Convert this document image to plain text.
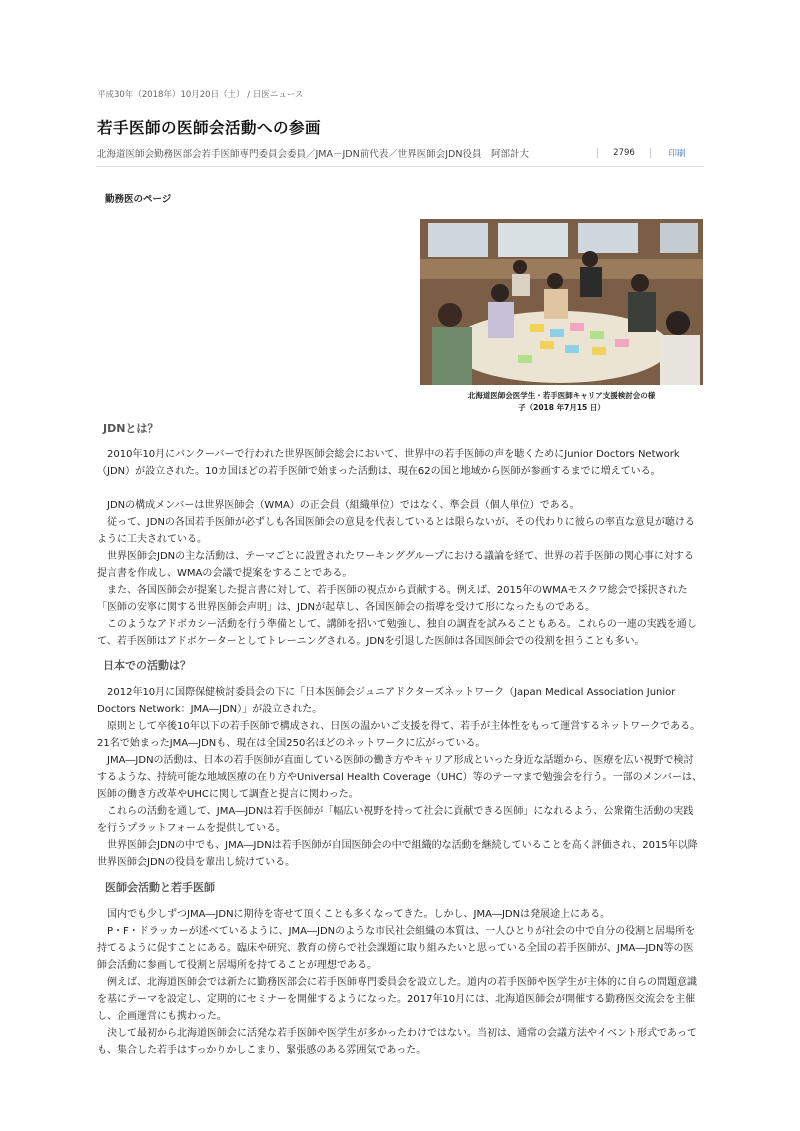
平成30年（2018年）10月20日（土） / 日医ニュース
若手医師の医師会活動への参画
北海道医師会勤務医部会若手医師専門委員会委員／JMA－JDN前代表／世界医師会JDN役員　阿部計大	2796	印刷
勤務医のページ
北海道医師会医学生・若手医師キャリア支援検討会の様
子（2018 年7月15 日）
JDNとは？

　2010年10月にバンクーバーで行われた世界医師会総会において、世界中の若手医師の声を聴くためにJunior Doctors Network（JDN）が設立された。10カ国ほどの若手医師で始まった活動は、現在62の国と地域から医師が参画するまでに増えている。

　JDNの構成メンバーは世界医師会（WMA）の正会員（組織単位）ではなく、準会員（個人単位）である。

　従って、JDNの各国若手医師が必ずしも各国医師会の意見を代表しているとは限らないが、その代わりに彼らの率直な意見が聴けるように工夫されている。

　世界医師会JDNの主な活動は、テーマごとに設置されたワーキンググループにおける議論を経て、世界の若手医師の関心事に対する提言書を作成し、WMAの会議で提案をすることである。

　また、各国医師会が提案した提言書に対して、若手医師の視点から貢献する。例えば、2015年のWMAモスクワ総会で採択された「医師の安寧に関する世界医師会声明」は、JDNが起草し、各国医師会の指導を受けて形になったものである。

　このようなアドボカシー活動を行う準備として、講師を招いて勉強し、独自の調査を試みることもある。これらの一連の実践を通して、若手医師はアドボケーターとしてトレーニングされる。JDNを引退した医師は各国医師会での役割を担うことも多い。

日本での活動は？

　2012年10月に国際保健検討委員会の下に「日本医師会ジュニアドクターズネットワーク（Japan Medical Association Junior Doctors Network：JMA―JDN）」が設立された。

　原則として卒後10年以下の若手医師で構成され、日医の温かいご支援を得て、若手が主体性をもって運営するネットワークである。21名で始まったJMA―JDNも、現在は全国250名ほどのネットワークに広がっている。

　JMA―JDNの活動は、日本の若手医師が直面している医師の働き方やキャリア形成といった身近な話題から、医療を広い視野で検討するような、持続可能な地域医療の在り方やUniversal Health Coverage（UHC）等のテーマまで勉強会を行う。一部のメンバーは、医師の働き方改革やUHCに関して調査と提言に関わった。

　これらの活動を通して、JMA―JDNは若手医師が「幅広い視野を持って社会に貢献できる医師」になれるよう、公衆衛生活動の実践を行うプラットフォームを提供している。

　世界医師会JDNの中でも、JMA―JDNは若手医師が自国医師会の中で組織的な活動を継続していることを高く評価され、2015年以降世界医師会JDNの役員を輩出し続けている。

医師会活動と若手医師

　国内でも少しずつJMA―JDNに期待を寄せて頂くことも多くなってきた。しかし、JMA―JDNは発展途上にある。

　P・F・ドラッカーが述べているように、JMA―JDNのような市民社会組織の本質は、一人ひとりが社会の中で自分の役割と居場所を持てるように促すことにある。臨床や研究、教育の傍らで社会課題に取り組みたいと思っている全国の若手医師が、JMA―JDN等の医師会活動に参画して役割と居場所を持てることが理想である。

　例えば、北海道医師会では新たに勤務医部会に若手医師専門委員会を設立した。道内の若手医師や医学生が主体的に自らの問題意識を基にテーマを設定し、定期的にセミナーを開催するようになった。2017年10月には、北海道医師会が開催する勤務医交流会を主催し、企画運営にも携わった。

　決して最初から北海道医師会に活発な若手医師や医学生が多かったわけではない。当初は、通常の会議方法やイベント形式であっても、集合した若手はすっかりかしこまり、緊張感のある雰囲気であった。
